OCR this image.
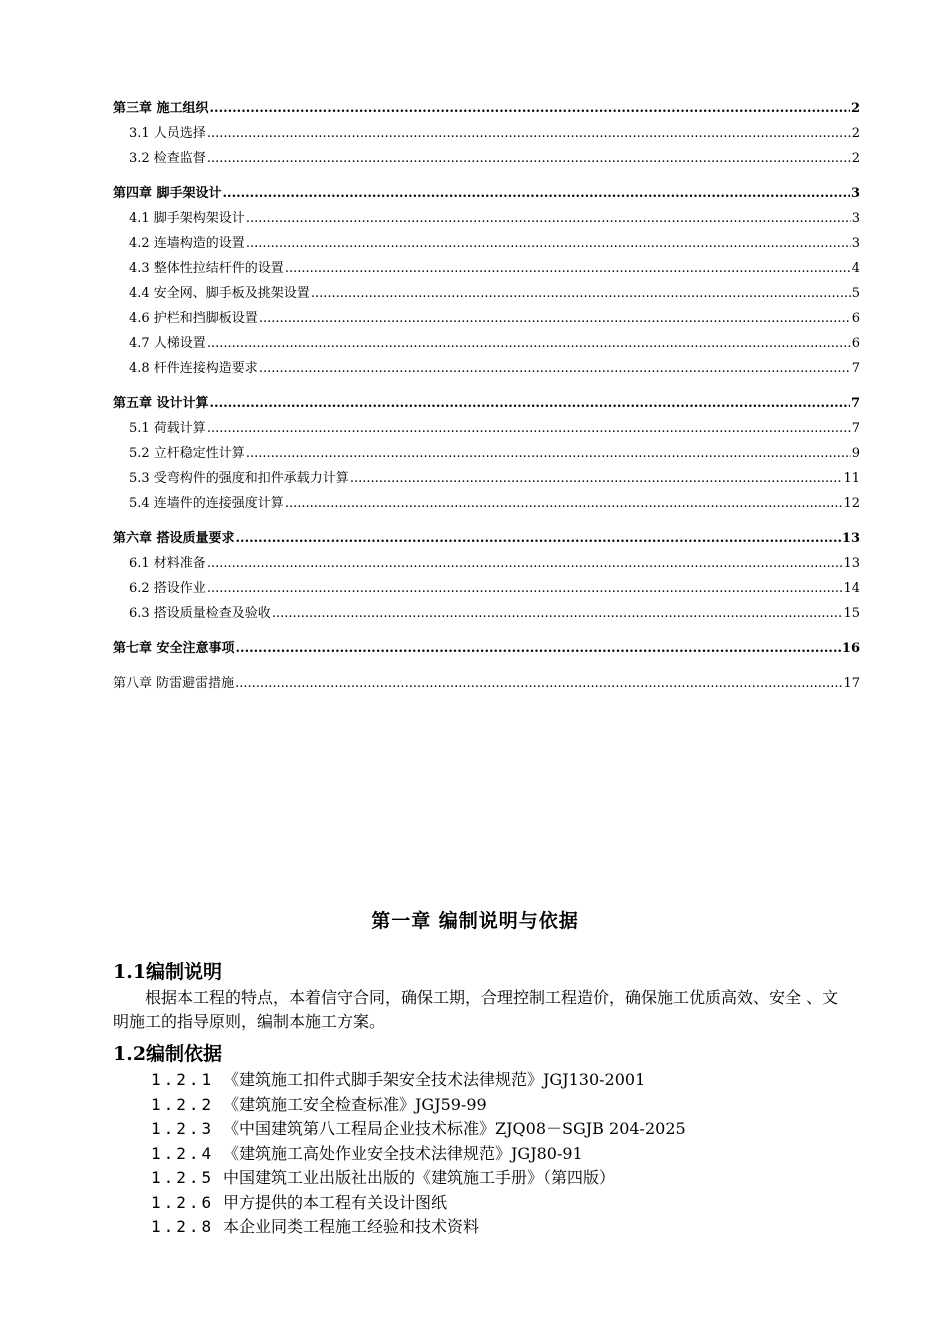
第三章 施工组织 .....	2
3.1 人员选择 .....	2
3.2 检查监督 .....	2
第四章 脚手架设计 .....	3
4.1 脚手架构架设计 .....	3
4.2 连墙构造的设置 .....	3
4.3 整体性拉结杆件的设置 .....	4
4.4 安全网、脚手板及挑架设置 .....	5
4.6 护栏和挡脚板设置 .....	6
4.7 人梯设置 .....	6
4.8 杆件连接构造要求 .....	7
第五章 设计计算 .....	7
5.1 荷载计算 .....	7
5.2 立杆稳定性计算 .....	9
5.3 受弯构件的强度和扣件承载力计算 .....	11
5.4 连墙件的连接强度计算 .....	12
第六章 搭设质量要求 .....	13
6.1 材料准备 .....	13
6.2 搭设作业 .....	14
6.3 搭设质量检查及验收 .....	15
第七章 安全注意事项 .....	16
第八章 防雷避雷措施 .....	17
第一章 编制说明与依据

1.1编制说明

根据本工程的特点，本着信守合同，确保工期，合理控制工程造价，确保施工优质高效、安全 、文明施工的指导原则，编制本施工方案。

1.2编制依据

1.2.1 《建筑施工扣件式脚手架安全技术法律规范》JGJ130-2001

1.2.2 《建筑施工安全检查标准》JGJ59-99

1.2.3 《中国建筑第八工程局企业技术标准》ZJQ08－SGJB 204-2025

1.2.4 《建筑施工高处作业安全技术法律规范》JGJ80-91

1.2.5 中国建筑工业出版社出版的《建筑施工手册》（第四版）

1.2.6 甲方提供的本工程有关设计图纸

1.2.8 本企业同类工程施工经验和技术资料
